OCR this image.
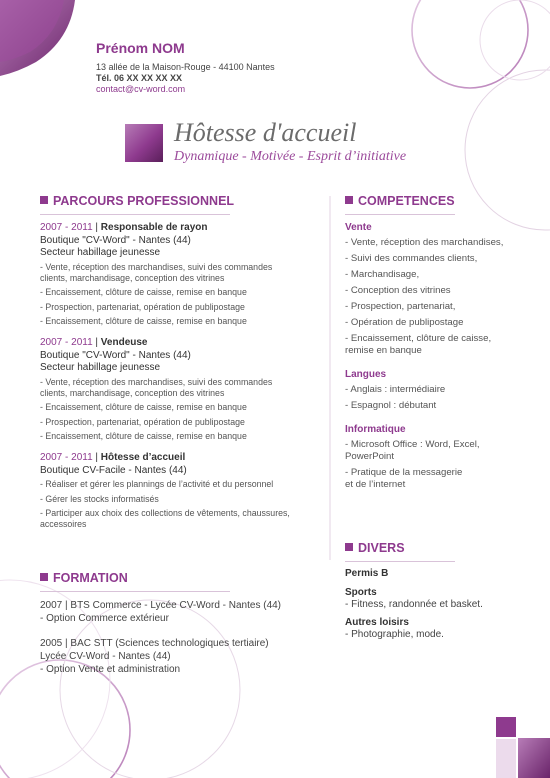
Prénom NOM
13 allée de la Maison-Rouge - 44100 Nantes
Tél. 06 XX XX XX XX
contact@cv-word.com
Hôtesse d'accueil
Dynamique - Motivée - Esprit d’initiative
PARCOURS PROFESSIONNEL
2007 - 2011 | Responsable de rayon
Boutique "CV-Word" - Nantes (44)
Secteur habillage jeunesse
- Vente, réception des marchandises, suivi des commandes
clients, marchandisage, conception des vitrines
- Encaissement, clôture de caisse, remise en banque
- Prospection, partenariat, opération de publipostage
- Encaissement, clôture de caisse, remise en banque
2007 - 2011 | Vendeuse
Boutique "CV-Word" - Nantes (44)
Secteur habillage jeunesse
- Vente, réception des marchandises, suivi des commandes
clients, marchandisage, conception des vitrines
- Encaissement, clôture de caisse, remise en banque
- Prospection, partenariat, opération de publipostage
- Encaissement, clôture de caisse, remise en banque
2007 - 2011 | Hôtesse d’accueil
Boutique CV-Facile - Nantes (44)
- Réaliser et gérer les plannings de l’activité et du personnel
- Gérer les stocks informatisés
- Participer aux choix des collections de vêtements, chaussures,
accessoires
FORMATION
2007 | BTS Commerce - Lycée CV-Word - Nantes (44)
- Option Commerce extérieur
2005 | BAC STT (Sciences technologiques tertiaire)
Lycée CV-Word - Nantes (44)
- Option Vente et administration
COMPETENCES
Vente
- Vente, réception des marchandises,
- Suivi des commandes clients,
- Marchandisage,
- Conception des vitrines
- Prospection, partenariat,
- Opération de publipostage
- Encaissement, clôture de caisse,
remise en banque
Langues
- Anglais : intermédiaire
- Espagnol : débutant
Informatique
- Microsoft Office : Word, Excel,
PowerPoint
- Pratique de la messagerie
et de l’internet
DIVERS
Permis B
Sports
- Fitness, randonnée et basket.
Autres loisirs
- Photographie, mode.
